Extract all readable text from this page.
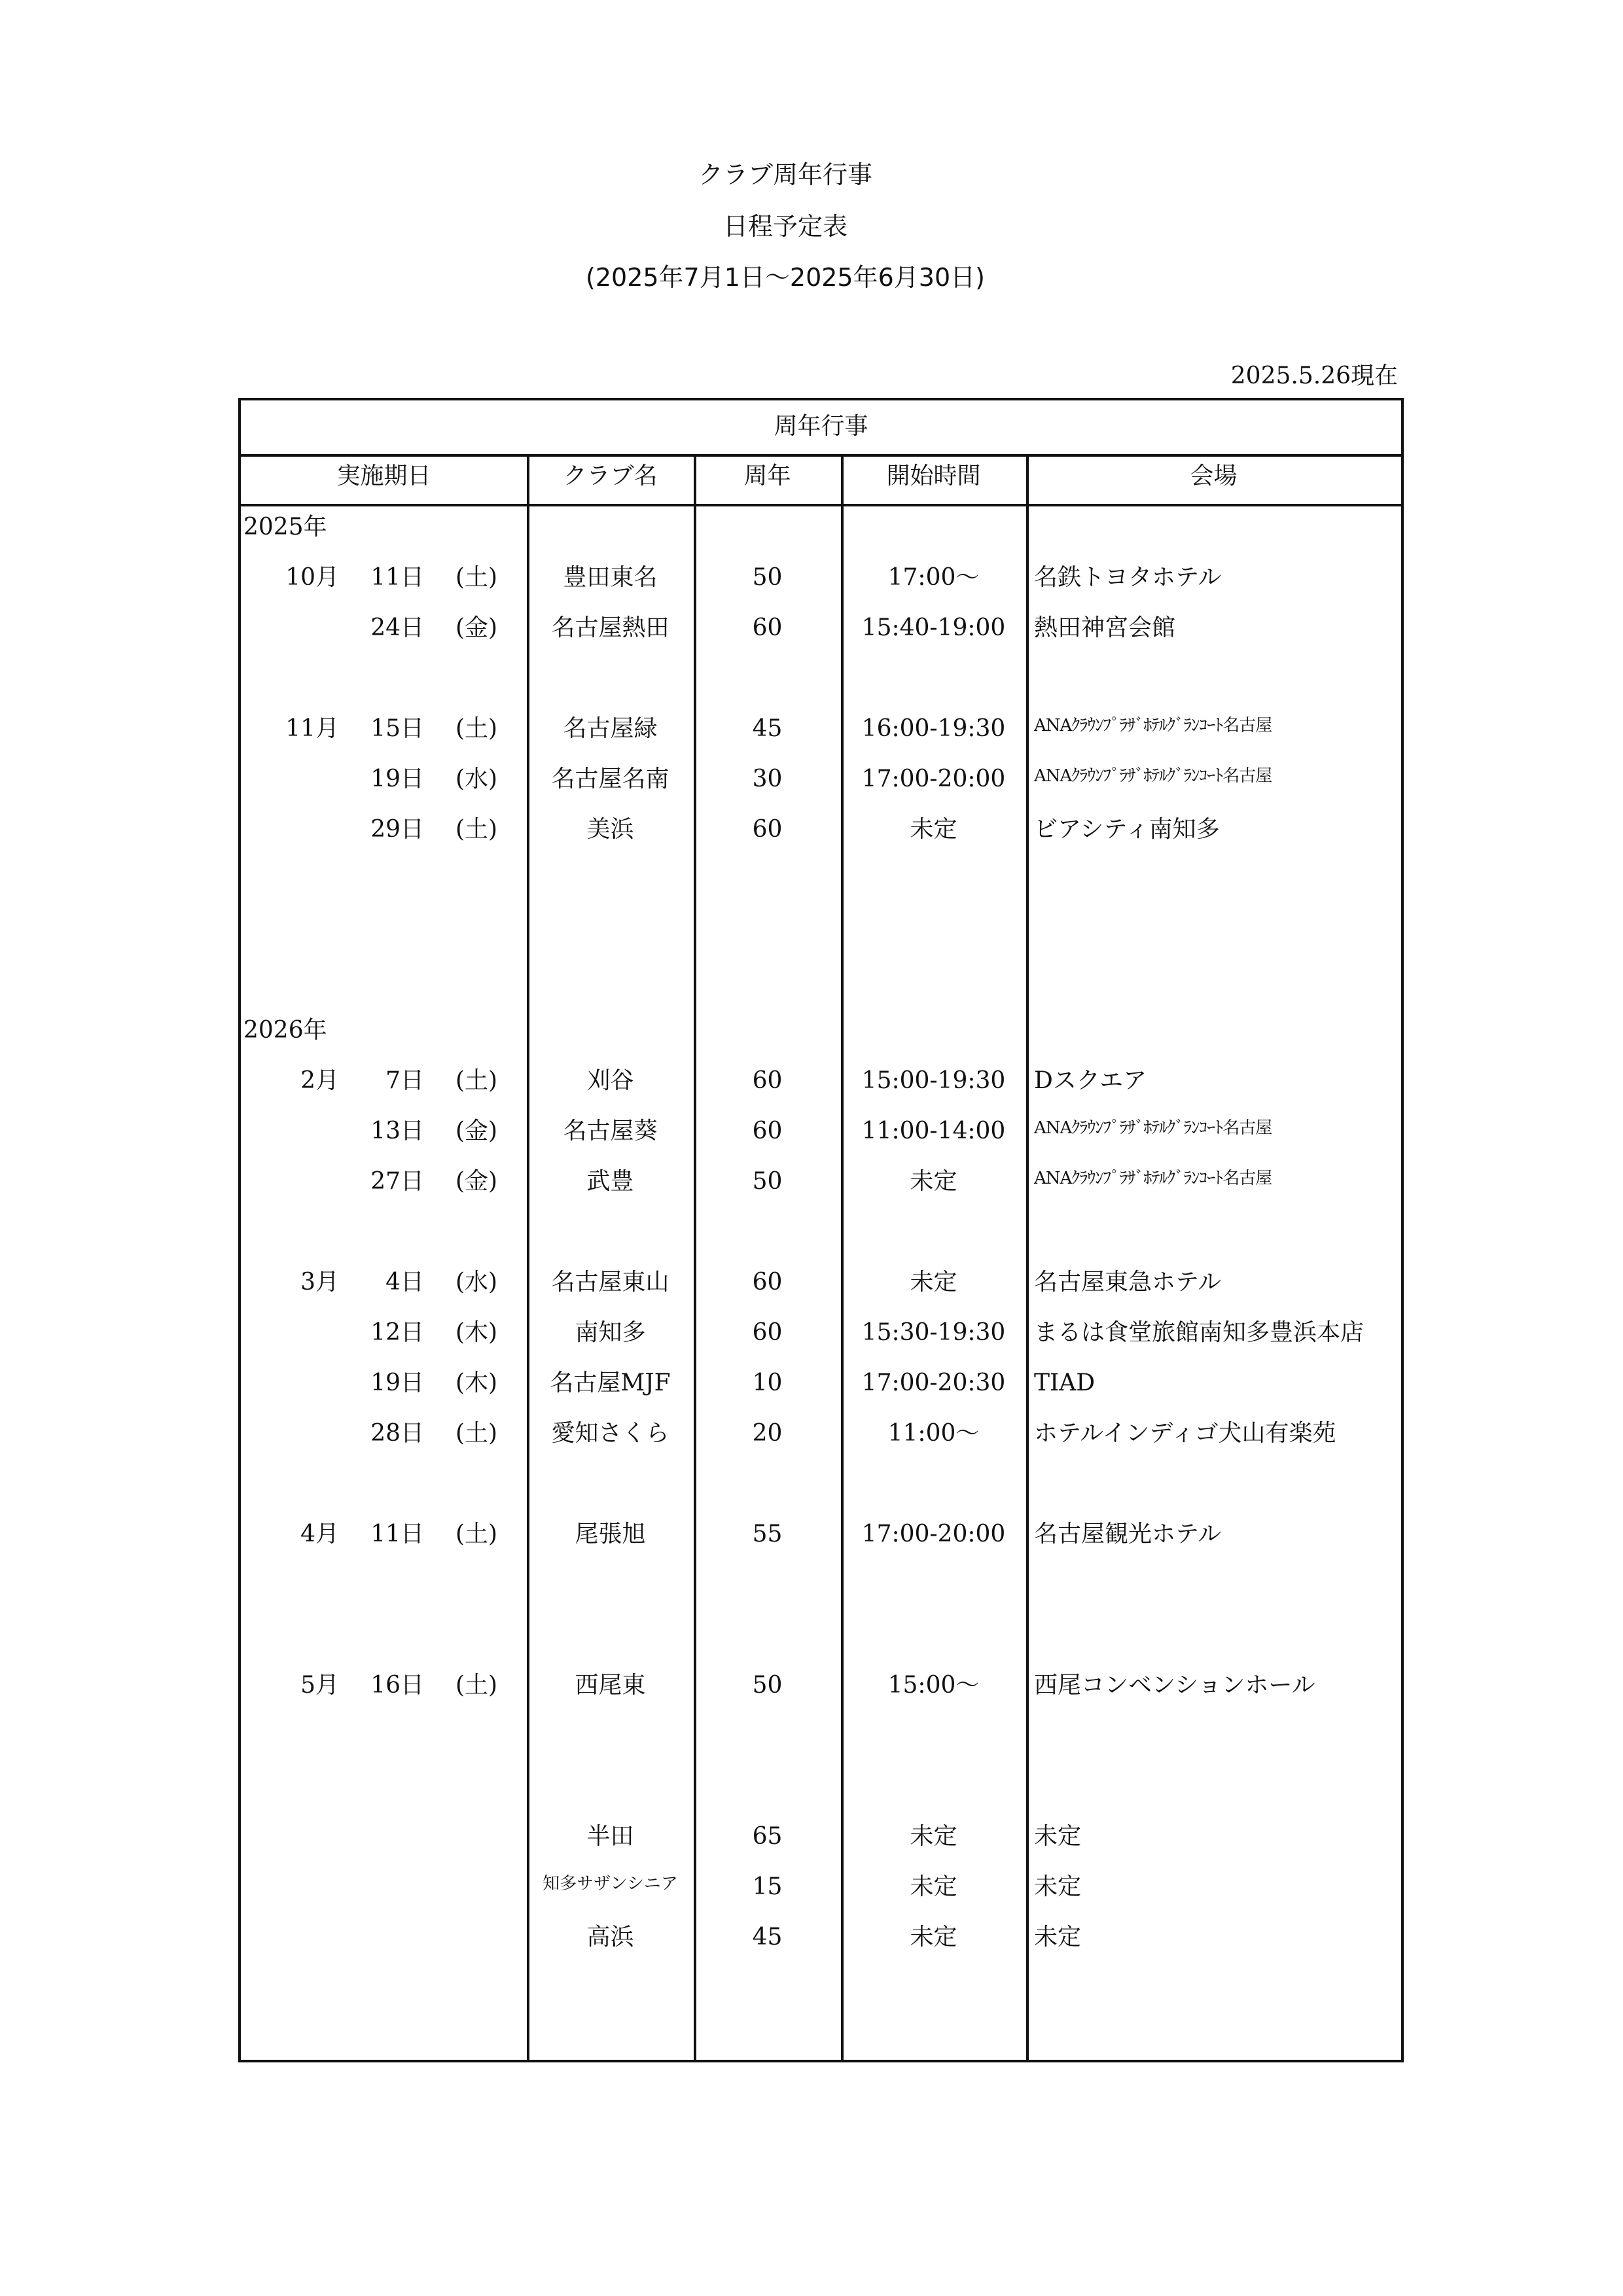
クラブ周年行事
日程予定表
(2025年7月1日～2025年6月30日)
2025.5.26現在
周年行事
実施期日	クラブ名	周年	開始時間	会場
2025年
2026年
10月	11日	(土)	豊田東名	50	17:00～	名鉄トヨタホテル
24日	(金)	名古屋熱田	60	15:40-19:00	熱田神宮会館
11月	15日	(土)	名古屋緑	45	16:00-19:30	ANAｸﾗｳﾝﾌﾟﾗｻﾞﾎﾃﾙｸﾞﾗﾝｺｰﾄ名古屋
19日	(水)	名古屋名南	30	17:00-20:00	ANAｸﾗｳﾝﾌﾟﾗｻﾞﾎﾃﾙｸﾞﾗﾝｺｰﾄ名古屋
29日	(土)	美浜	60	未定	ビアシティ南知多
2月	7日	(土)	刈谷	60	15:00-19:30	Dスクエア
13日	(金)	名古屋葵	60	11:00-14:00	ANAｸﾗｳﾝﾌﾟﾗｻﾞﾎﾃﾙｸﾞﾗﾝｺｰﾄ名古屋
27日	(金)	武豊	50	未定	ANAｸﾗｳﾝﾌﾟﾗｻﾞﾎﾃﾙｸﾞﾗﾝｺｰﾄ名古屋
3月	4日	(水)	名古屋東山	60	未定	名古屋東急ホテル
12日	(木)	南知多	60	15:30-19:30	まるは食堂旅館南知多豊浜本店
19日	(木)	名古屋MJF	10	17:00-20:30	TIAD
28日	(土)	愛知さくら	20	11:00～	ホテルインディゴ犬山有楽苑
4月	11日	(土)	尾張旭	55	17:00-20:00	名古屋観光ホテル
5月	16日	(土)	西尾東	50	15:00～	西尾コンベンションホール
半田	65	未定	未定
知多サザンシニア	15	未定	未定
高浜	45	未定	未定
